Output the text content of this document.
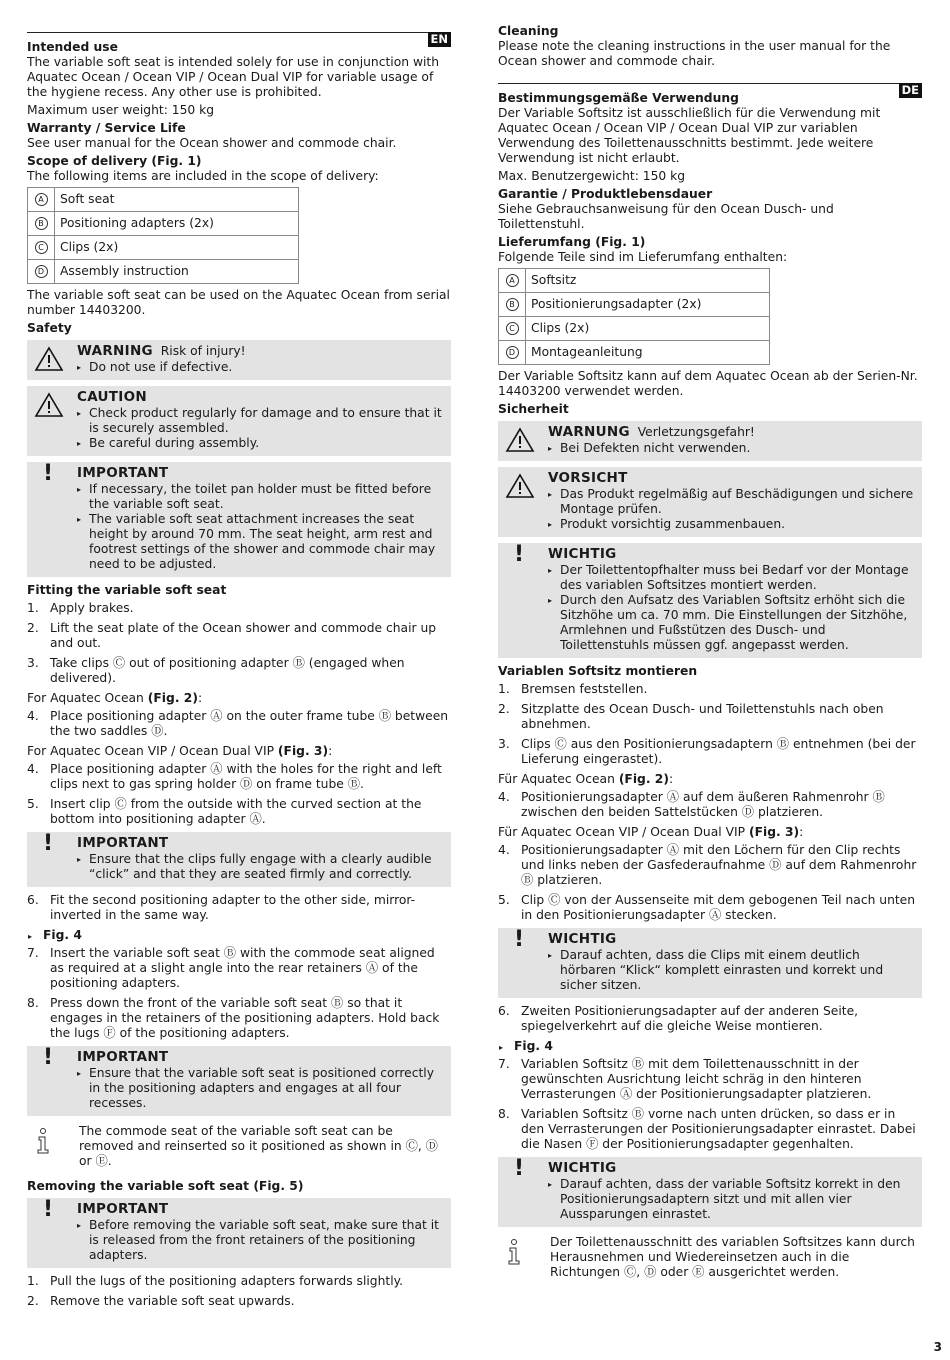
EN
Intended use

The variable soft seat is intended solely for use in conjunction with Aquatec Ocean / Ocean VIP / Ocean Dual VIP for variable usage of the hygiene recess. Any other use is prohibited.

Maximum user weight: 150 kg

Warranty / Service Life

See user manual for the Ocean shower and commode chair.

Scope of delivery (Fig. 1)

The following items are included in the scope of delivery:

A	Soft seat
B	Positioning adapters (2x)
C	Clips (2x)
D	Assembly instruction

The variable soft seat can be used on the Aquatec Ocean from serial number 14403200.

Safety
WARNING Risk of injury!
▸ Do not use if defective.
CAUTION
▸ Check product regularly for damage and to ensure that it is securely assembled.
▸ Be careful during assembly.
! IMPORTANT
▸ If necessary, the toilet pan holder must be fitted before the variable soft seat.
▸ The variable soft seat attachment increases the seat height by around 70 mm. The seat height, arm rest and footrest settings of the shower and commode chair may need to be adjusted.
Fitting the variable soft seat
1. Apply brakes.
2. Lift the seat plate of the Ocean shower and commode chair up and out.
3. Take clips Ⓒ out of positioning adapter Ⓑ (engaged when delivered).

For Aquatec Ocean (Fig. 2):

4. Place positioning adapter Ⓐ on the outer frame tube Ⓑ between the two saddles Ⓓ.

For Aquatec Ocean VIP / Ocean Dual VIP (Fig. 3):

4. Place positioning adapter Ⓐ with the holes for the right and left clips next to gas spring holder Ⓓ on frame tube Ⓑ.
5. Insert clip Ⓒ from the outside with the curved section at the bottom into positioning adapter Ⓐ.
! IMPORTANT
▸ Ensure that the clips fully engage with a clearly audible “click” and that they are seated firmly and correctly.
6. Fit the second positioning adapter to the other side, mirror-inverted in the same way.
▸ Fig. 4
7. Insert the variable soft seat Ⓑ with the commode seat aligned as required at a slight angle into the rear retainers Ⓐ of the positioning adapters.
8. Press down the front of the variable soft seat Ⓑ so that it engages in the retainers of the positioning adapters. Hold back the lugs Ⓕ of the positioning adapters.
! IMPORTANT
▸ Ensure that the variable soft seat is positioned correctly in the positioning adapters and engages at all four recesses.
The commode seat of the variable soft seat can be removed and reinserted so it positioned as shown in Ⓒ, Ⓓ or Ⓔ.
Removing the variable soft seat (Fig. 5)
! IMPORTANT
▸ Before removing the variable soft seat, make sure that it is released from the front retainers of the positioning adapters.
1. Pull the lugs of the positioning adapters forwards slightly.
2. Remove the variable soft seat upwards.
Cleaning

Please note the cleaning instructions in the user manual for the Ocean shower and commode chair.

DE
Bestimmungsgemäße Verwendung

Der Variable Softsitz ist ausschließlich für die Verwendung mit Aquatec Ocean / Ocean VIP / Ocean Dual VIP zur variablen Verwendung des Toilettenausschnitts bestimmt. Jede weitere Verwendung ist nicht erlaubt.

Max. Benutzergewicht: 150 kg

Garantie / Produktlebensdauer

Siehe Gebrauchsanweisung für den Ocean Dusch- und Toilettenstuhl.

Lieferumfang (Fig. 1)

Folgende Teile sind im Lieferumfang enthalten:

A	Softsitz
B	Positionierungsadapter (2x)
C	Clips (2x)
D	Montageanleitung

Der Variable Softsitz kann auf dem Aquatec Ocean ab der Serien-Nr. 14403200 verwendet werden.

Sicherheit
WARNUNG Verletzungsgefahr!
▸ Bei Defekten nicht verwenden.
VORSICHT
▸ Das Produkt regelmäßig auf Beschädigungen und sichere Montage prüfen.
▸ Produkt vorsichtig zusammenbauen.
! WICHTIG
▸ Der Toilettentopfhalter muss bei Bedarf vor der Montage des variablen Softsitzes montiert werden.
▸ Durch den Aufsatz des Variablen Softsitz erhöht sich die Sitzhöhe um ca. 70 mm. Die Einstellungen der Sitzhöhe, Armlehnen und Fußstützen des Dusch- und Toilettenstuhls müssen ggf. angepasst werden.
Variablen Softsitz montieren
1. Bremsen feststellen.
2. Sitzplatte des Ocean Dusch- und Toilettenstuhls nach oben abnehmen.
3. Clips Ⓒ aus den Positionierungsadaptern Ⓑ entnehmen (bei der Lieferung eingerastet).

Für Aquatec Ocean (Fig. 2):

4. Positionierungsadapter Ⓐ auf dem äußeren Rahmenrohr Ⓑ zwischen den beiden Sattelstücken Ⓓ platzieren.

Für Aquatec Ocean VIP / Ocean Dual VIP (Fig. 3):

4. Positionierungsadapter Ⓐ mit den Löchern für den Clip rechts und links neben der Gasfederaufnahme Ⓓ auf dem Rahmenrohr Ⓑ platzieren.
5. Clip Ⓒ von der Aussenseite mit dem gebogenen Teil nach unten in den Positionierungsadapter Ⓐ stecken.
! WICHTIG
▸ Darauf achten, dass die Clips mit einem deutlich hörbaren “Klick“ komplett einrasten und korrekt und sicher sitzen.
6. Zweiten Positionierungsadapter auf der anderen Seite, spiegelverkehrt auf die gleiche Weise montieren.
▸ Fig. 4
7. Variablen Softsitz Ⓑ mit dem Toilettenausschnitt in der gewünschten Ausrichtung leicht schräg in den hinteren Verrasterungen Ⓐ der Positionierungsadapter platzieren.
8. Variablen Softsitz Ⓑ vorne nach unten drücken, so dass er in den Verrasterungen der Positionierungsadapter einrastet. Dabei die Nasen Ⓕ der Positionierungsadapter gegenhalten.
! WICHTIG
▸ Darauf achten, dass der variable Softsitz korrekt in den Positionierungsadaptern sitzt und mit allen vier Aussparungen einrastet.
Der Toilettenausschnitt des variablen Softsitzes kann durch Herausnehmen und Wiedereinsetzen auch in die Richtungen Ⓒ, Ⓓ oder Ⓔ ausgerichtet werden.
3
